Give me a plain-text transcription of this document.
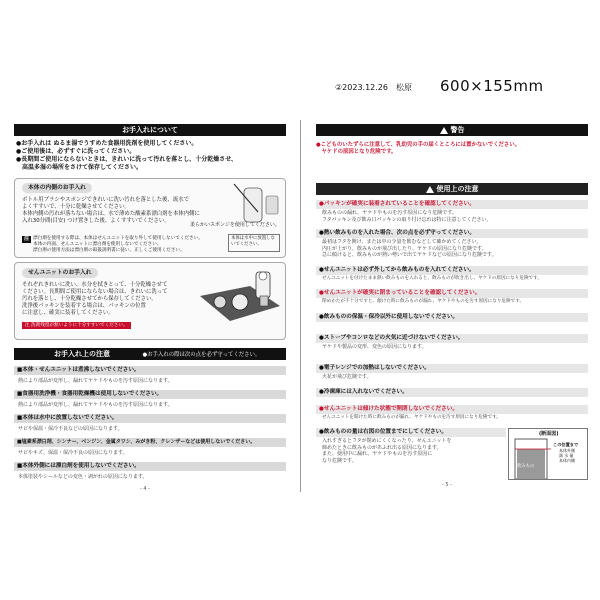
②2023.12.26　松原 600×155mm
お手入れについて
●お手入れは ぬるま湯でうすめた食器用洗剤を使用してください。
●ご使用後は、必ずすぐに洗ってください。
●長期間ご使用にならないときは、きれいに洗って汚れを落とし、十分乾燥させ、
　高温多湿の場所をさけて保存してください。
本体の内側のお手入れ
ボトル用ブラシやスポンジできれいに洗い汚れを落とした後、流水で
よくすすいで、十分に乾燥させてください。
本体内側の汚れが落ちない場合は、水で薄めた酸素系漂白剤を本体内側に
入れ30分間(目安) つけ置きした後、よくすすいでください。
柔らかいスポンジを使用してください。
注 漂白剤を使用する際は、本体はせんユニットを取り外して使用しないでください。
本体の内面、せんユニットに漂白剤を使用しないでください。
漂白剤の使用方法は漂白剤の取扱説明書に従い、正しくご使用ください。
本体は水中に放置しないでください。
せんユニットのお手入れ
それぞれきれいに洗い、水分を拭きとって、十分乾燥させて
ください。長期間ご使用にならない場合は、きれいに洗って
汚れを落とし、十分乾燥させてから保存してください。
洗浄後パッキンを装着する場合は、パッキンの位置
に注意し、確実に装着してください。
注 洗剤残留が無いように十分すすいでください。
お手入れ上の注意	●お手入れの際は次の点を必ず守ってください。
■本体・せんユニットは煮沸しないでください。
熱により部品が変形し、漏れてヤケドやものを汚す原因になります。
■食器用洗浄機・食器用乾燥機は使用しないでください。
熱により部品が変形し、漏れてヤケドやものを汚す原因になります。
■本体は水中に放置しないでください。
サビや保温・保冷不良などの原因になります。
■塩素系漂白剤、シンナー、ベンジン、金属タワシ、みがき粉、クレンザーなどは使用しないでください。
サビやキズ、保温・保冷不良の原因になります。
■本体外側には漂白剤を使用しないでください。
本体塗装やシールなどの変色・剥がれの原因になります。
- 4 -
警告
●こどものいたずらに注意して、乳幼児の手の届くところには置かないでください。
　ヤケドの原因となり危険です。
使用上の注意
●パッキンが確実に装着されていることを確認してください。
飲みものの漏れ、ヤケドやものを汚す原因になり危険です。
フタパッキン及び飲み口パッキンの取り付け忘れは特に注意してください。
●熱い飲みものを入れた場合、次の点を必ず守ってください。
最初はフタを開け、または中の少量を飲むなどして確かめてください。
内圧が上がり、飲みものが飛び出したり、ヤケドの原因になり危険です。
急に傾けると、飲みものが熱い勢いで出てヤケドなどの原因になり危険です。
●せんユニットは必ず外してから飲みものを入れてください。
せんユニットを付けたまま熱い飲みものを入れると、飲みものが吹き出し、ヤケドの原因になり危険です。
●せんユニットが確実に閉まっていることを確認してください。
閉めかたが不十分ですと、傾けた時に飲みものが漏れ、ヤケドやものを汚す原因になり危険です。
●飲みものの保温・保冷以外に使用しないでください。
●ストーブやコンロなどの火気に近づけないでください。
ヤケドや製品の変形、変色の原因になります。
●電子レンジでの加熱はしないでください。
火花が飛び危険です。
●冷凍庫には入れないでください。
●せんユニットは傾けた状態で開閉しないでください。
せんユニットを開けた時に飲みものが漏れ、ヤケドやものを汚す原因になり危険です。
●飲みものの量は右図の位置までにしてください。
入れすぎるとフタが閉めにくくなったり、せんユニットを
締めたときに飲みものがあふれ出る原因になります。
また、使用中に漏れ、ヤケドやものを汚す原因に
なり危険です。
(断面図)
飲みもの
この位置まで
本体外側
満 水 量
本体内側
- 5 -
